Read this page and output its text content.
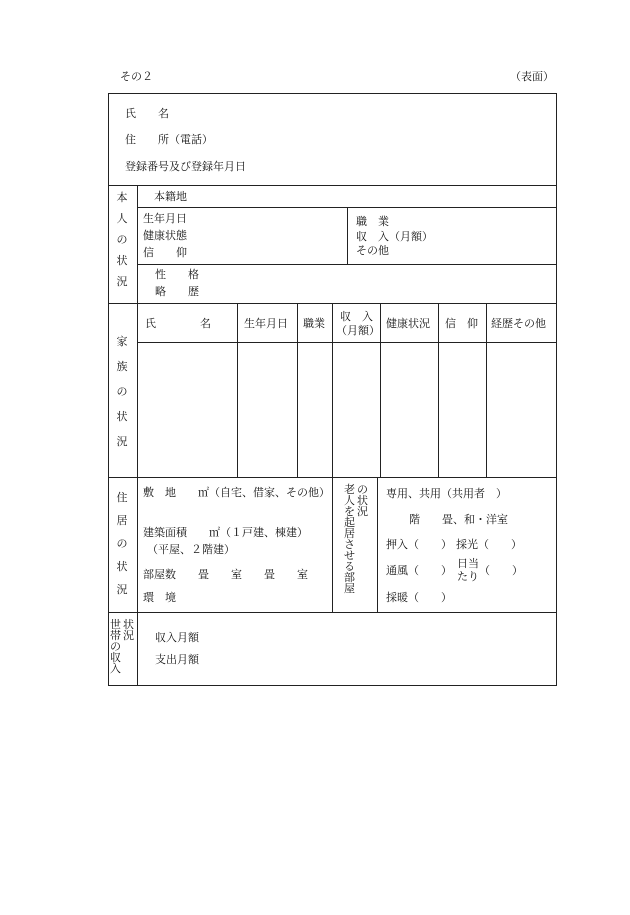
その２	（表面）
氏　　名
住　　所（電話）
登録番号及び登録年月日
本
人
の
状
況
本籍地
生年月日
健康状態
信　　仰
職　業
収　入（月額）
その他
性　　格
略　　歴
家
族
の
状
況
氏　　　　名	生年月日 職業
収　入
（月額）
健康状況 信　仰 経歴その他
住
居
の
状
況
敷　地　　㎡（自宅、借家、その他）
建築面積　　㎡（１戸建、棟建）
（平屋、２階建）
部屋数　　畳　　室　　畳　　室
環　境
老
人
を
起
居
さ
せ
る
部
屋
の
状
況
専用、共用（共用者　）
階　　畳、和・洋室
押入（　　） 採光（　　）
通風（　　）
日当
たり （　　）
採暖（　　）
世
帯
の
収
入
状
況 収入月額
支出月額
